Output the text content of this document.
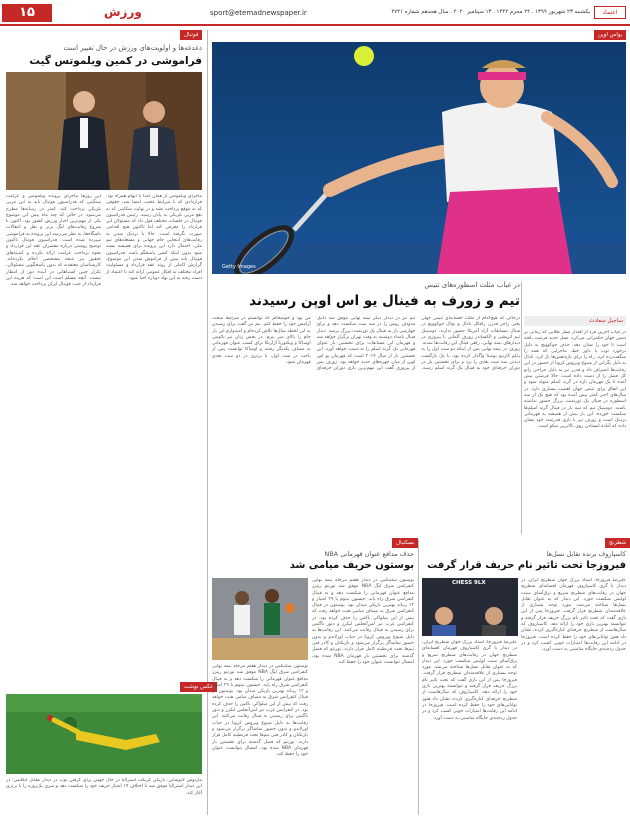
۱۵	ورزش	sport@etemadnewspaper.ir	یکشنبه ۲۳ شهریور ۱۳۹۹ . ۲۴ محرم ۱۴۴۲ . ۱۳ سپتامبر ۲۰۲۰ . سال هجدهم شماره ۴۷۴۱	اعتماد
یواس اوپن
Getty Images
در غیاب مثلث اسطوره‌های تنیس
تیم و زورف به فینال یو اس اوپن رسیدند
درحالی که هیچ‌کدام از مثلث افسانه‌ای تنیس جهان یعنی راجر فدرر، رافائل نادال و نواک جوکوویچ در فینال مسابقات آزاد آمریکا حضور ندارند، دومینیک تیم اتریشی و الکساندر زورف آلمانی با پیروزی در دیدارهای نیمه نهایی، راهی فینال این رقابت‌ها شدند. زورف در نیمه نهایی پس از اینکه دو ست اول را به پابلو کارنیو بوستا واگذار کرده بود، با یک بازگشت دیدنی سه ست بعدی را برد و برای نخستین بار در دوران حرفه‌ای خود به فینال یک گرند اسلم رسید. تیم نیز در دیدار دیگر نیمه نهایی موفق شد دانیل مدودف روس را در سه ست شکست دهد و برای چهارمین بار به فینال یک تورنمنت بزرگ برسد. دیدار فینال بامداد دوشنبه به وقت تهران برگزار خواهد شد و قهرمان این مسابقات برای نخستین بار عنوان قهرمانی یک گرند اسلم را به دست خواهد آورد. این نخستین بار از سال ۲۰۱۴ است که قهرمان یو اس اوپن از میان چهره‌های جدید خواهد بود. زورف پس از پیروزی گفت این مهم‌ترین بازی دوران حرفه‌ای من بود و خوشحالم که توانستم در شرایط سخت آرامش خود را حفظ کنم. تیم نیز گفت برای رسیدن به این لحظه سال‌ها تلاش کرده‌ام و امیدوارم این بار جام را بالای سر ببرم. در بخش زنان نیز نائومی اوساکا و ویکتوریا آزارنکا برای کسب عنوان قهرمانی به مصاف یکدیگر رفتند و اوساکا توانست پس از باخت در ست اول، با برتری در دو ست بعدی قهرمان شود.
ساجیل سعادت
در غیاب آخرین فرد از اقتدار نسل طلایی که زمانی بر تنیس جهان حکمرانی می‌کرد، نسل جدید فرصت یافته است تا خود را نشان دهد. حذف جوکوویچ به دلیل برخورد توپ با داور خط، ماجرایی که همه را شگفت‌زده کرد، راه را برای تازه‌نفس‌ها باز کرد. نادال به دلیل نگرانی از شیوع ویروس کرونا از حضور در این رقابت‌ها انصراف داد و فدرر نیز به دلیل جراحی زانو کل فصل را از دست داده است. حالا فرصتی پیش آمده تا یک قهرمان تازه در گرند اسلم متولد شود و این اتفاق برای تنیس جهان اهمیت بسیاری دارد. در سال‌های اخیر کمتر پیش آمده بود که هیچ یک از سه اسطوره در فینال یک تورنمنت بزرگ حضور نداشته باشند. دومینیک تیم که سه بار در فینال گرند اسلم‌ها شکست خورده، این بار بیش از همیشه به قهرمانی نزدیک است و زورف نیز با بازی قدرتمند خود نشان داده که آماده ایستادن روی بالاترین سکو است.
فوتبال
دغدغه‌ها و اولویت‌های ورزش در حال تغییر است
فراموشی در کمین ویلموتس گیت
این روزها ماجرای پرونده ویلموتس و غرامت سنگینی که فدراسیون فوتبال باید به این مربی بلژیکی پرداخت کند، کمتر در رسانه‌ها مطرح می‌شود. در حالی که چند ماه پیش این موضوع یکی از مهم‌ترین اخبار ورزش کشور بود، اکنون با شروع رقابت‌های لیگ برتر و نقل و انتقالات باشگاه‌ها، به نظر می‌رسد این پرونده به فراموشی سپرده شده است. فدراسیون فوتبال تاکنون توضیح روشنی درباره مقصران عقد این قرارداد و نحوه پرداخت غرامت ارائه نکرده و کمیته‌های تحقیق نیز نتیجه مشخصی اعلام نکرده‌اند. کارشناسان معتقدند که بدون پاسخگویی مسئولان، تکرار چنین اشتباهاتی در آینده دور از انتظار نیست. آنچه مسلم است این است که هزینه این قرارداد از جیب فوتبال ایران پرداخت خواهد شد.
ماجرای ویلموتس از همان ابتدا با ابهام همراه بود. قراردادی که با شرایط عجیب امضا شد، حقوقی که به موقع پرداخت نشد و در نهایت شکایتی که به نفع مربی بلژیکی به پایان رسید. رئیس فدراسیون فوتبال در جلسات مختلف قول داد که مسئولان این قرارداد را معرفی کند اما تاکنون هیچ اقدامی صورت نگرفته است. حالا با نزدیک شدن به رقابت‌های انتخابی جام جهانی و مشغله‌های تیم ملی، احتمال دارد این پرونده برای همیشه بسته شود بدون اینکه کسی پاسخگو باشد. فدراسیون فوتبال باید پیش از فراموش شدن این موضوع، گزارش کاملی از روند عقد قرارداد و مسئولیت افراد مختلف به افکار عمومی ارائه کند تا اعتماد از دست رفته به این نهاد دوباره احیا شود.
عکس نوشت
مارنوس لابوشاین، بازیکن کریکت استرالیا در حال جهش برای گرفتن توپ در دیدار مقابل انگلیس؛ در این دیدار استرالیا موفق شد با اختلاف ۱۹ امتیاز حریف خود را شکست دهد و سری یک‌روزه را با برتری آغاز کند.
شطرنج
کاسپاروف برنده تقابل نسل‌ها
فیروزجا تحت تاثیر نام حریف قرار گرفت
CHESS 9LX	علیرضا فیروزجا، استاد بزرگ جوان شطرنج ایران، در دیدار با گری کاسپاروف قهرمان افسانه‌ای شطرنج جهان در رقابت‌های شطرنج سریع و برق‌آسای سنت لوئیس شکست خورد. این دیدار که به عنوان تقابل نسل‌ها شناخته می‌شد، مورد توجه بسیاری از علاقه‌مندان شطرنج قرار گرفت. فیروزجا پس از این بازی گفت که تحت تاثیر نام بزرگ حریف قرار گرفته و نتوانسته بهترین بازی خود را ارائه دهد. کاسپاروف که سال‌هاست از شطرنج حرفه‌ای کناره‌گیری کرده، نشان داد هنوز توانایی‌های خود را حفظ کرده است. فیروزجا در ادامه این رقابت‌ها امتیازات خوبی کسب کرد و در جدول رده‌بندی جایگاه مناسبی به دست آورد.
علیرضا فیروزجا، استاد بزرگ جوان شطرنج ایران، در دیدار با گری کاسپاروف قهرمان افسانه‌ای شطرنج جهان در رقابت‌های شطرنج سریع و برق‌آسای سنت لوئیس شکست خورد. این دیدار که به عنوان تقابل نسل‌ها شناخته می‌شد، مورد توجه بسیاری از علاقه‌مندان شطرنج قرار گرفت. فیروزجا پس از این بازی گفت که تحت تاثیر نام بزرگ حریف قرار گرفته و نتوانسته بهترین بازی خود را ارائه دهد. کاسپاروف که سال‌هاست از شطرنج حرفه‌ای کناره‌گیری کرده، نشان داد هنوز توانایی‌های خود را حفظ کرده است. فیروزجا در ادامه این رقابت‌ها امتیازات خوبی کسب کرد و در جدول رده‌بندی جایگاه مناسبی به دست آورد.
بسکتبال
حذف مدافع عنوان قهرمانی NBA
بوستون حریف میامی شد
بوستون سلتیکس در دیدار هفتم مرحله نیمه نهایی کنفرانس شرق لیگ NBA موفق شد تورنتو رپترز مدافع عنوان قهرمانی را شکست دهد و به فینال کنفرانس شرق راه یابد. جیسون تیتوم با ۲۹ امتیاز و ۱۲ ریباند بهترین بازیکن میدان بود. بوستون در فینال کنفرانس شرق به مصاف میامی هیت خواهد رفت که پیش از این میلواکی باکس را حذف کرده بود. در کنفرانس غرب نیز لس‌آنجلس لیکرز و دنور ناگتس برای رسیدن به فینال رقابت می‌کنند. این رقابت‌ها به دلیل شیوع ویروس کرونا در حباب اورلاندو و بدون حضور تماشاگر برگزار می‌شود و بازیکنان و کادر فنی تیم‌ها تحت قرنطینه کامل قرار دارند. تورنتو که فصل گذشته برای نخستین بار قهرمان NBA شده بود، امسال نتوانست عنوان خود را حفظ کند.
بوستون سلتیکس در دیدار هفتم مرحله نیمه نهایی کنفرانس شرق لیگ NBA موفق شد تورنتو رپترز مدافع عنوان قهرمانی را شکست دهد و به فینال کنفرانس شرق راه یابد. جیسون تیتوم با ۲۹ امتیاز و ۱۲ ریباند بهترین بازیکن میدان بود. بوستون در فینال کنفرانس شرق به مصاف میامی هیت خواهد رفت که پیش از این میلواکی باکس را حذف کرده بود. در کنفرانس غرب نیز لس‌آنجلس لیکرز و دنور ناگتس برای رسیدن به فینال رقابت می‌کنند. این رقابت‌ها به دلیل شیوع ویروس کرونا در حباب اورلاندو و بدون حضور تماشاگر برگزار می‌شود و بازیکنان و کادر فنی تیم‌ها تحت قرنطینه کامل قرار دارند. تورنتو که فصل گذشته برای نخستین بار قهرمان NBA شده بود، امسال نتوانست عنوان خود را حفظ کند.
